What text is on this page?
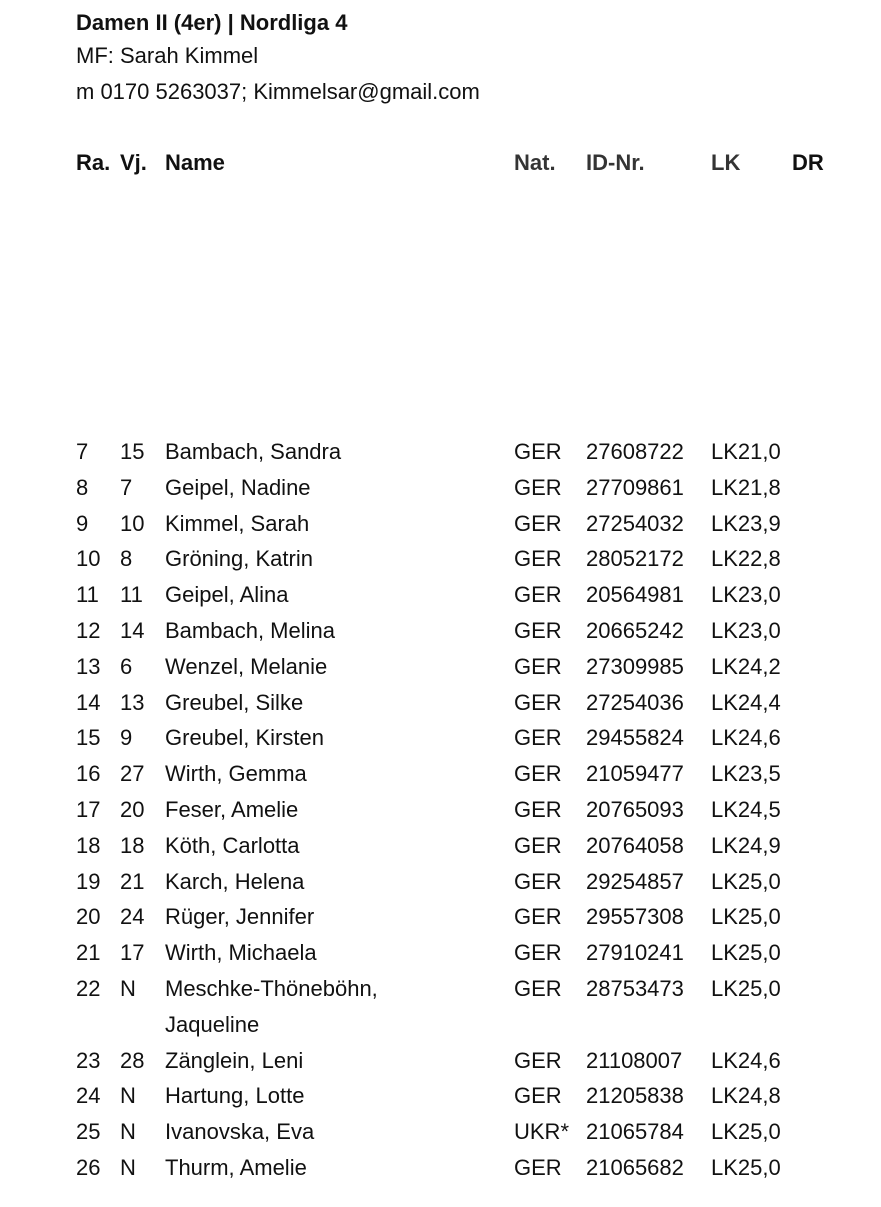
Damen II (4er) | Nordliga 4
MF: Sarah Kimmel
m 0170 5263037; Kimmelsar@gmail.com
Ra. Vj. Name	Nat. ID-Nr.	LK DR
7 15 Bambach, Sandra	GER 27608722 LK21,0
8 7 Geipel, Nadine	GER 27709861 LK21,8
9 10 Kimmel, Sarah	GER 27254032 LK23,9
10 8 Gröning, Katrin	GER 28052172 LK22,8
11 11 Geipel, Alina	GER 20564981 LK23,0
12 14 Bambach, Melina	GER 20665242 LK23,0
13 6 Wenzel, Melanie	GER 27309985 LK24,2
14 13 Greubel, Silke	GER 27254036 LK24,4
15 9 Greubel, Kirsten	GER 29455824 LK24,6
16 27 Wirth, Gemma	GER 21059477 LK23,5
17 20 Feser, Amelie	GER 20765093 LK24,5
18 18 Köth, Carlotta	GER 20764058 LK24,9
19 21 Karch, Helena	GER 29254857 LK25,0
20 24 Rüger, Jennifer	GER 29557308 LK25,0
21 17 Wirth, Michaela	GER 27910241 LK25,0
22 N Meschke-Thöneböhn,
Jaqueline
GER 28753473 LK25,0
23 28 Zänglein, Leni	GER 21108007 LK24,6
24 N Hartung, Lotte	GER 21205838 LK24,8
25 N Ivanovska, Eva	UKR* 21065784 LK25,0
26 N Thurm, Amelie	GER 21065682 LK25,0
